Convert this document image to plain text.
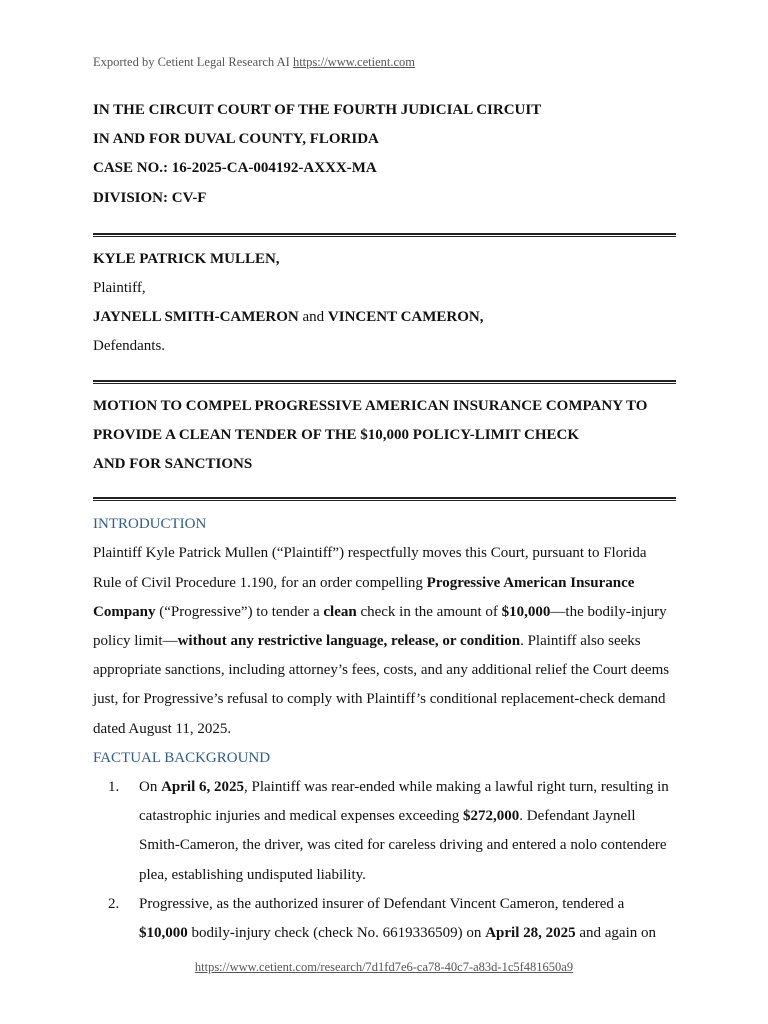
Exported by Cetient Legal Research AI https://www.cetient.com

IN THE CIRCUIT COURT OF THE FOURTH JUDICIAL CIRCUIT

IN AND FOR DUVAL COUNTY, FLORIDA

CASE NO.: 16-2025-CA-004192-AXXX-MA

DIVISION: CV-F

KYLE PATRICK MULLEN,

Plaintiff,

JAYNELL SMITH-CAMERON and VINCENT CAMERON,

Defendants.

MOTION TO COMPEL PROGRESSIVE AMERICAN INSURANCE COMPANY TO

PROVIDE A CLEAN TENDER OF THE $10,000 POLICY-LIMIT CHECK

AND FOR SANCTIONS

INTRODUCTION

Plaintiff Kyle Patrick Mullen (“Plaintiff”) respectfully moves this Court, pursuant to Florida Rule of Civil Procedure 1.190, for an order compelling Progressive American Insurance Company (“Progressive”) to tender a clean check in the amount of $10,000—the bodily-injury policy limit—without any restrictive language, release, or condition. Plaintiff also seeks appropriate sanctions, including attorney’s fees, costs, and any additional relief the Court deems just, for Progressive’s refusal to comply with Plaintiff’s conditional replacement-check demand dated August 11, 2025.

FACTUAL BACKGROUND

1. On April 6, 2025, Plaintiff was rear-ended while making a lawful right turn, resulting in catastrophic injuries and medical expenses exceeding $272,000. Defendant Jaynell Smith-Cameron, the driver, was cited for careless driving and entered a nolo contendere plea, establishing undisputed liability.
2. Progressive, as the authorized insurer of Defendant Vincent Cameron, tendered a $10,000 bodily-injury check (check No. 6619336509) on April 28, 2025 and again on
https://www.cetient.com/research/7d1fd7e6-ca78-40c7-a83d-1c5f481650a9
